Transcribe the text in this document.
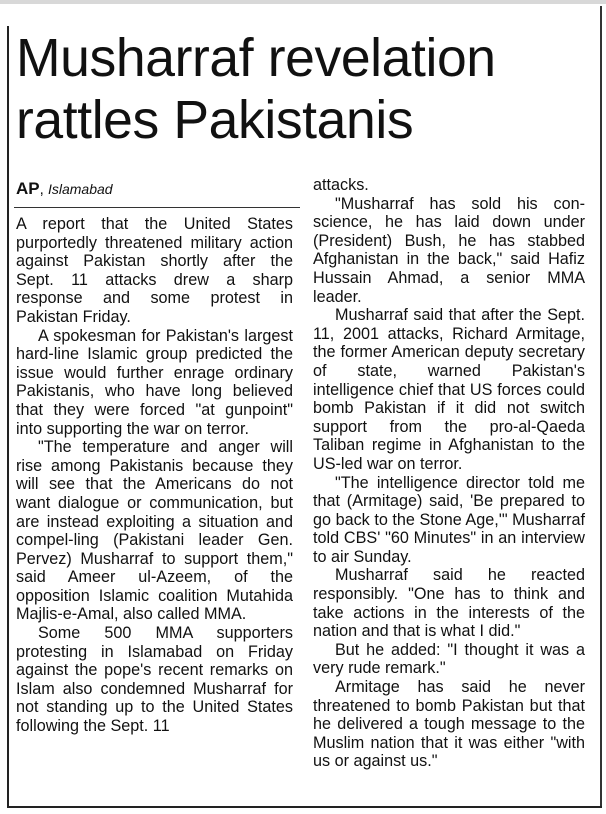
Musharraf revelation
rattles Pakistanis
AP, Islamabad

A report that the United States purportedly threatened military action against Pakistan shortly after the Sept. 11 attacks drew a sharp response and some protest in Pakistan Friday.

A spokesman for Pakistan's largest hard-line Islamic group predicted the issue would further enrage ordinary Pakistanis, who have long believed that they were forced "at gunpoint" into supporting the war on terror.

"The temperature and anger will rise among Pakistanis because they will see that the Americans do not want dialogue or communication, but are instead exploiting a situation and compel-ling (Pakistani leader Gen. Pervez) Musharraf to support them," said Ameer ul-Azeem, of the opposition Islamic coalition Mutahida Majlis-e-Amal, also called MMA.

Some 500 MMA supporters protesting in Islamabad on Friday against the pope's recent remarks on Islam also condemned Musharraf for not standing up to the United States following the Sept. 11

attacks.

"Musharraf has sold his con-science, he has laid down under (President) Bush, he has stabbed Afghanistan in the back," said Hafiz Hussain Ahmad, a senior MMA leader.

Musharraf said that after the Sept. 11, 2001 attacks, Richard Armitage, the former American deputy secretary of state, warned Pakistan's intelligence chief that US forces could bomb Pakistan if it did not switch support from the pro-al-Qaeda Taliban regime in Afghanistan to the US-led war on terror.

"The intelligence director told me that (Armitage) said, 'Be prepared to go back to the Stone Age,'" Musharraf told CBS' "60 Minutes" in an interview to air Sunday.

Musharraf said he reacted responsibly. "One has to think and take actions in the interests of the nation and that is what I did."

But he added: "I thought it was a very rude remark."

Armitage has said he never threatened to bomb Pakistan but that he delivered a tough message to the Muslim nation that it was either "with us or against us."
